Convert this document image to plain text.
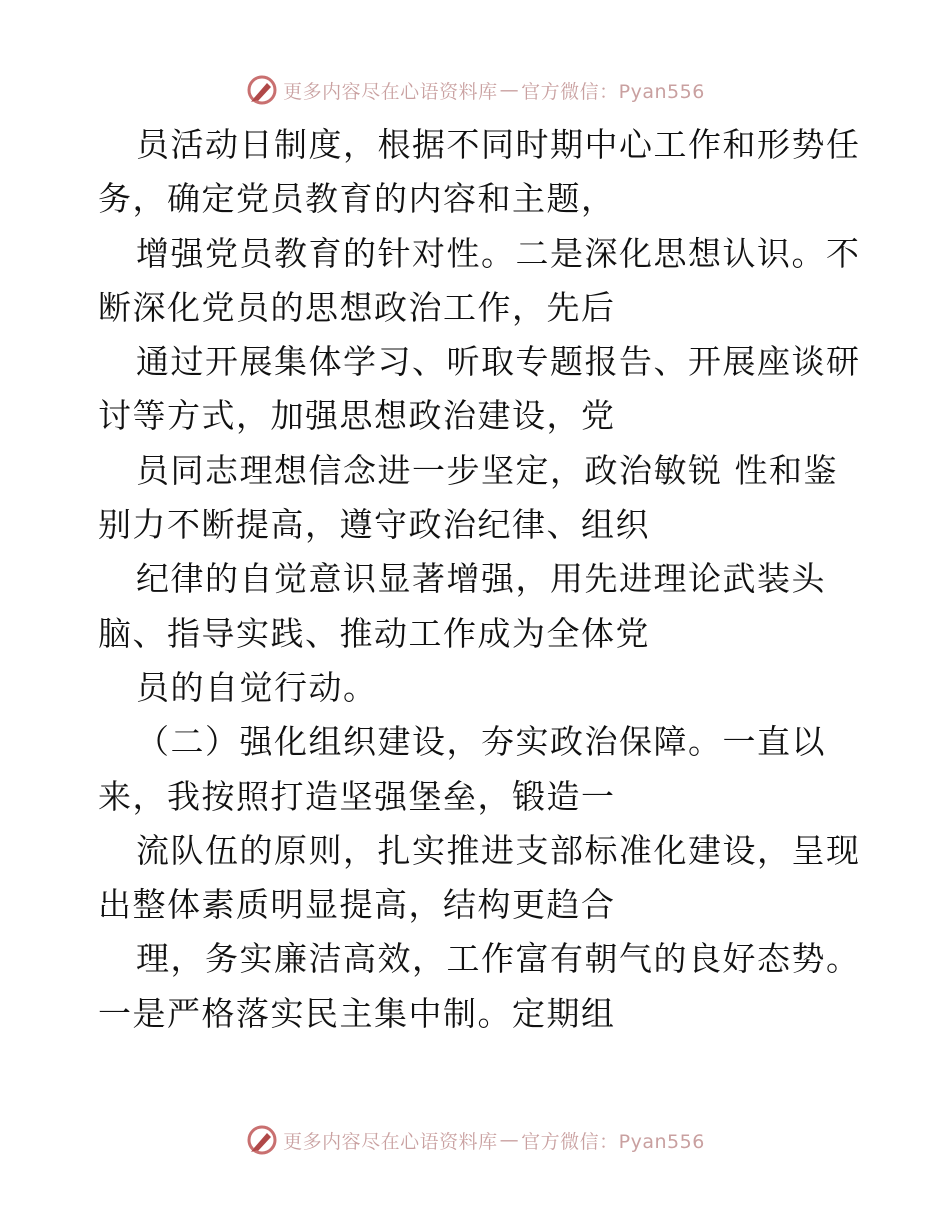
更多内容尽在心语资料库 — 官方微信：Pyan556
员活动日制度，根据不同时期中心工作和形势任
务，确定党员教育的内容和主题，
增强党员教育的针对性。二是深化思想认识。不
断深化党员的思想政治工作，先后
通过开展集体学习、听取专题报告、开展座谈研
讨等方式，加强思想政治建设，党
员同志理想信念进一步坚定，政治敏锐 性和鉴
别力不断提高，遵守政治纪律、组织
纪律的自觉意识显著增强，用先进理论武装头
脑、指导实践、推动工作成为全体党
员的自觉行动。
（二）强化组织建设，夯实政治保障。一直以
来，我按照打造坚强堡垒，锻造一
流队伍的原则，扎实推进支部标准化建设，呈现
出整体素质明显提高，结构更趋合
理，务实廉洁高效，工作富有朝气的良好态势。
一是严格落实民主集中制。定期组
更多内容尽在心语资料库 — 官方微信：Pyan556
